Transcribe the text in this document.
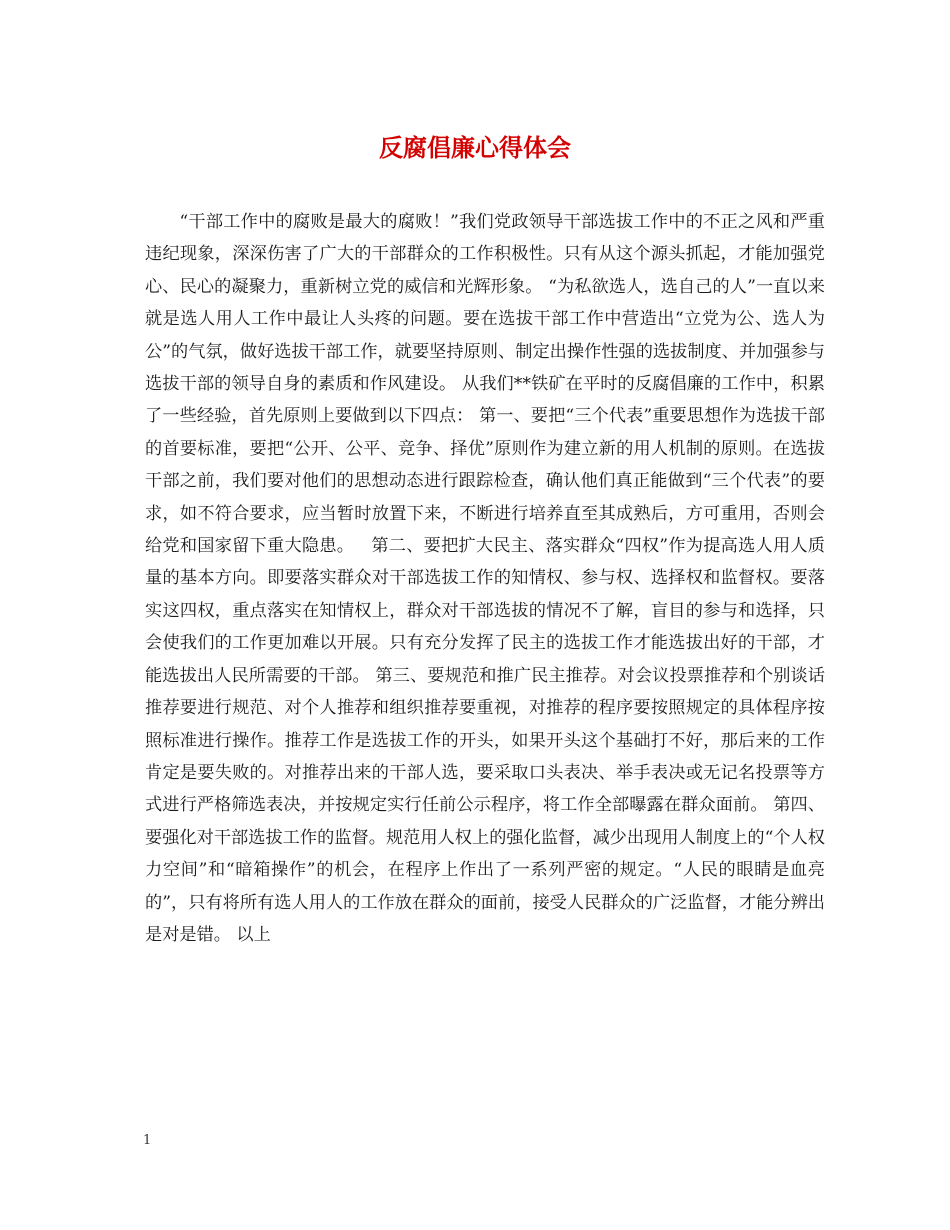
反腐倡廉心得体会
“干部工作中的腐败是最大的腐败！”我们党政领导干部选拔工作中的不正之风和严重违纪现象，深深伤害了广大的干部群众的工作积极性。只有从这个源头抓起，才能加强党心、民心的凝聚力，重新树立党的威信和光辉形象。 “为私欲选人，选自己的人”一直以来就是选人用人工作中最让人头疼的问题。要在选拔干部工作中营造出“立党为公、选人为公”的气氛，做好选拔干部工作，就要坚持原则、制定出操作性强的选拔制度、并加强参与选拔干部的领导自身的素质和作风建设。 从我们**铁矿在平时的反腐倡廉的工作中，积累了一些经验，首先原则上要做到以下四点： 第一、要把“三个代表”重要思想作为选拔干部的首要标准，要把“公开、公平、竞争、择优”原则作为建立新的用人机制的原则。在选拔干部之前，我们要对他们的思想动态进行跟踪检查，确认他们真正能做到“三个代表”的要求，如不符合要求，应当暂时放置下来，不断进行培养直至其成熟后，方可重用，否则会给党和国家留下重大隐患。   第二、要把扩大民主、落实群众“四权”作为提高选人用人质量的基本方向。即要落实群众对干部选拔工作的知情权、参与权、选择权和监督权。要落实这四权，重点落实在知情权上，群众对干部选拔的情况不了解，盲目的参与和选择，只会使我们的工作更加难以开展。只有充分发挥了民主的选拔工作才能选拔出好的干部，才能选拔出人民所需要的干部。 第三、要规范和推广民主推荐。对会议投票推荐和个别谈话推荐要进行规范、对个人推荐和组织推荐要重视，对推荐的程序要按照规定的具体程序按照标准进行操作。推荐工作是选拔工作的开头，如果开头这个基础打不好，那后来的工作肯定是要失败的。对推荐出来的干部人选，要采取口头表决、举手表决或无记名投票等方式进行严格筛选表决，并按规定实行任前公示程序，将工作全部曝露在群众面前。 第四、要强化对干部选拔工作的监督。规范用人权上的强化监督，减少出现用人制度上的“个人权力空间”和“暗箱操作”的机会，在程序上作出了一系列严密的规定。“人民的眼睛是血亮的”，只有将所有选人用人的工作放在群众的面前，接受人民群众的广泛监督，才能分辨出是对是错。 以上
1
